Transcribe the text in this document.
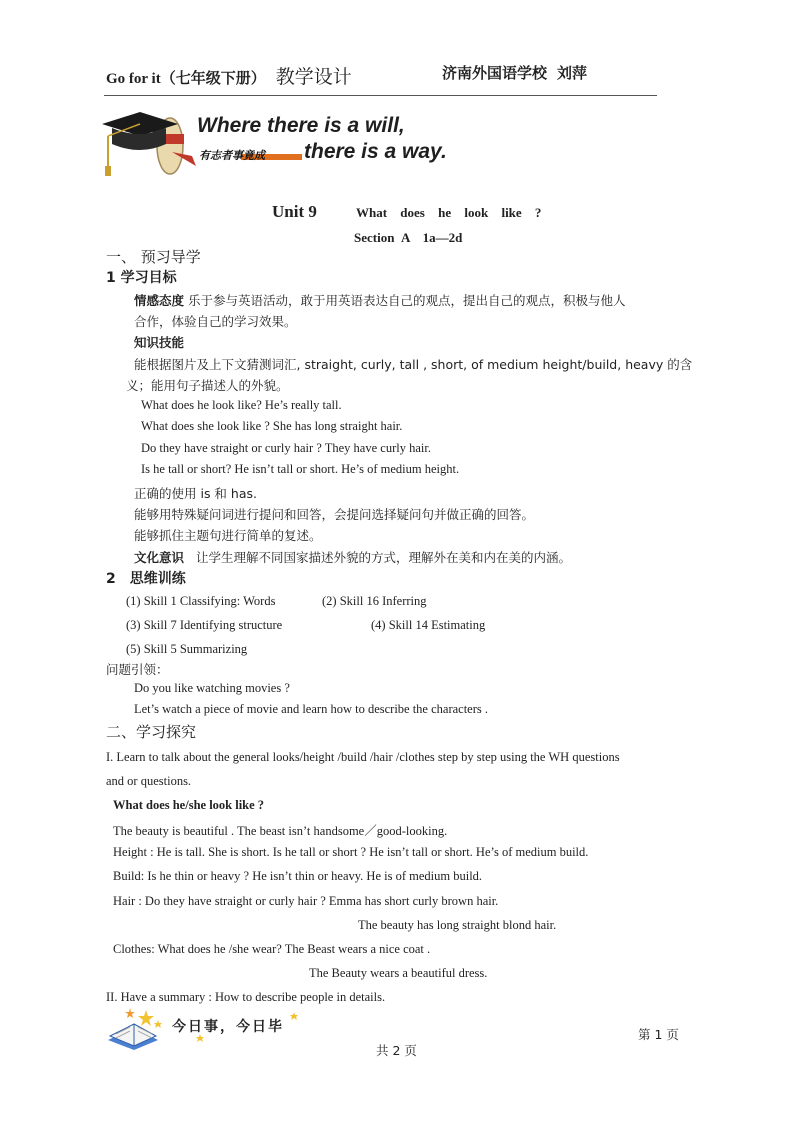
Go for it（七年级下册） 教学设计	济南外国语学校 刘萍
Where there is a will,
有志者事竟成 there is a way.
Unit 9	What does he look like ?
Section A　1a—2d
一、 预习导学
1 学习目标
情感态度 乐于参与英语活动，敢于用英语表达自己的观点，提出自己的观点，积极与他人
合作，体验自己的学习效果。
知识技能
能根据图片及上下文猜测词汇, straight, curly, tall , short, of medium height/build, heavy 的含
义；能用句子描述人的外貌。
What does he look like? He’s really tall.
What does she look like ? She has long straight hair.
Do they have straight or curly hair ? They have curly hair.
Is he tall or short? He isn’t tall or short. He’s of medium height.
正确的使用 is 和 has.
能够用特殊疑问词进行提问和回答，会提问选择疑问句并做正确的回答。
能够抓住主题句进行简单的复述。
文化意识 让学生理解不同国家描述外貌的方式，理解外在美和内在美的内涵。
2　思维训练
(1) Skill 1 Classifying: Words	(2) Skill 16 Inferring
(3) Skill 7 Identifying structure	(4) Skill 14 Estimating
(5) Skill 5 Summarizing
问题引领：
Do you like watching movies ?
Let’s watch a piece of movie and learn how to describe the characters .
二、学习探究
I. Learn to talk about the general looks/height /build /hair /clothes step by step using the WH questions
and or questions.
What does he/she look like ?
The beauty is beautiful . The beast isn’t handsome／good-looking.
Height : He is tall. She is short. Is he tall or short ? He isn’t tall or short. He’s of medium build.
Build: Is he thin or heavy ? He isn’t thin or heavy. He is of medium build.
Hair : Do they have straight or curly hair ? Emma has short curly brown hair.
The beauty has long straight blond hair.
Clothes: What does he /she wear? The Beast wears a nice coat .
The Beauty wears a beautiful dress.
II. Have a summary : How to describe people in details.
今日事，今日毕	第 1 页
共 2 页
